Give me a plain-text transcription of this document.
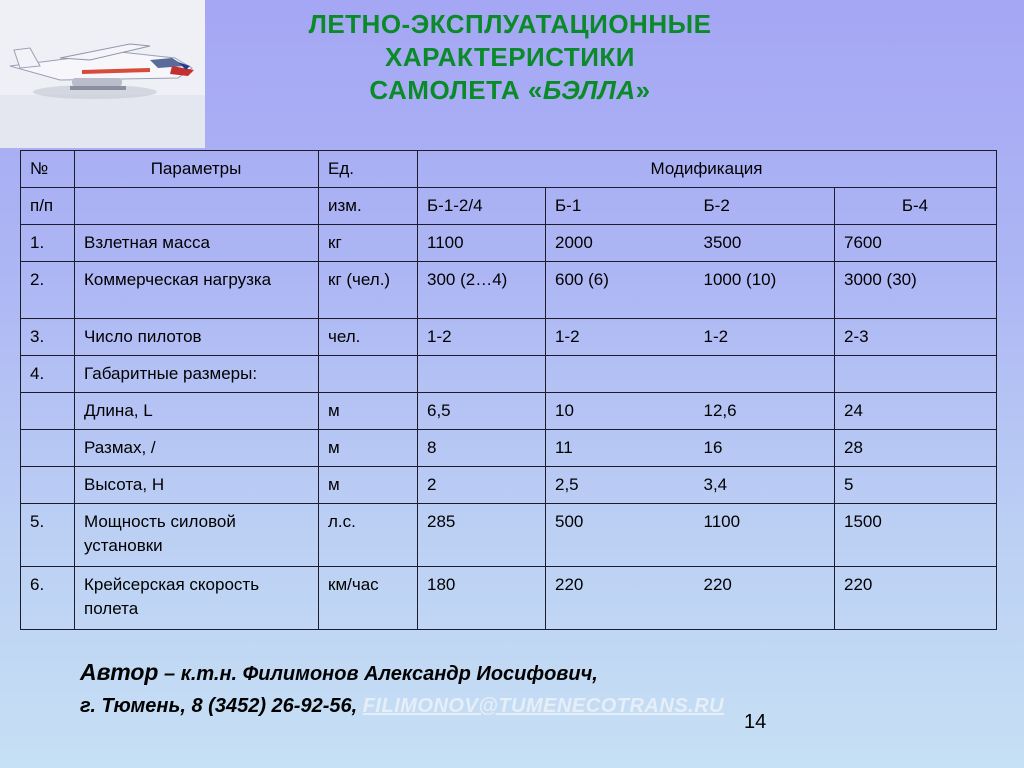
ЛЕТНО-ЭКСПЛУАТАЦИОННЫЕ
ХАРАКТЕРИСТИКИ
САМОЛЕТА «БЭЛЛА»
№	Параметры	Ед.	Модификация		
п/п		изм.	Б-1-2/4	Б-1 Б-2	Б-4
1.	Взлетная масса	кг	1100	2000 3500	7600
2.	Коммерческая нагрузка	кг (чел.)	300 (2…4)	600 (6) 1000 (10)	3000 (30)
3.	Число пилотов	чел.	1-2	1-2 1-2	2-3
4.	Габаритные размеры:			

	Длина, L	м	6,5	10 12,6	24
	Размах, /	м	8	11 16	28
	Высота, Н	м	2	2,5 3,4	5
5.	Мощность силовой установки	л.с.	285	500 1100	1500
6.	Крейсерская скорость полета	км/час	180	220 220	220
Автор – к.т.н. Филимонов Александр Иосифович,
г. Тюмень, 8 (3452) 26-92-56, FILIMONOV@TUMENECOTRANS.RU
14
